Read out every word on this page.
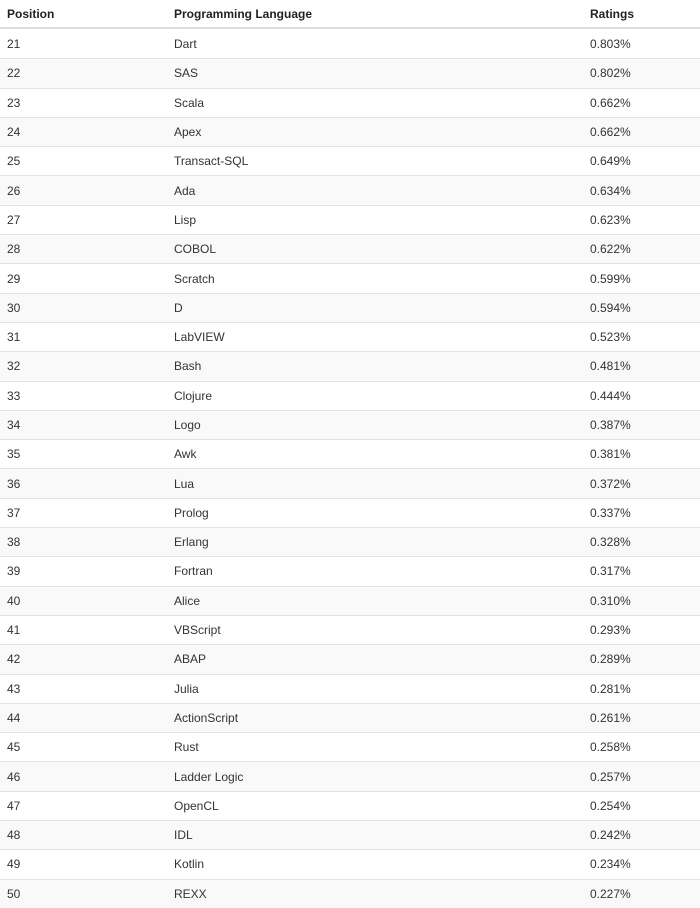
Position	Programming Language	Ratings
21	Dart	0.803%
22	SAS	0.802%
23	Scala	0.662%
24	Apex	0.662%
25	Transact-SQL	0.649%
26	Ada	0.634%
27	Lisp	0.623%
28	COBOL	0.622%
29	Scratch	0.599%
30	D	0.594%
31	LabVIEW	0.523%
32	Bash	0.481%
33	Clojure	0.444%
34	Logo	0.387%
35	Awk	0.381%
36	Lua	0.372%
37	Prolog	0.337%
38	Erlang	0.328%
39	Fortran	0.317%
40	Alice	0.310%
41	VBScript	0.293%
42	ABAP	0.289%
43	Julia	0.281%
44	ActionScript	0.261%
45	Rust	0.258%
46	Ladder Logic	0.257%
47	OpenCL	0.254%
48	IDL	0.242%
49	Kotlin	0.234%
50	REXX	0.227%
